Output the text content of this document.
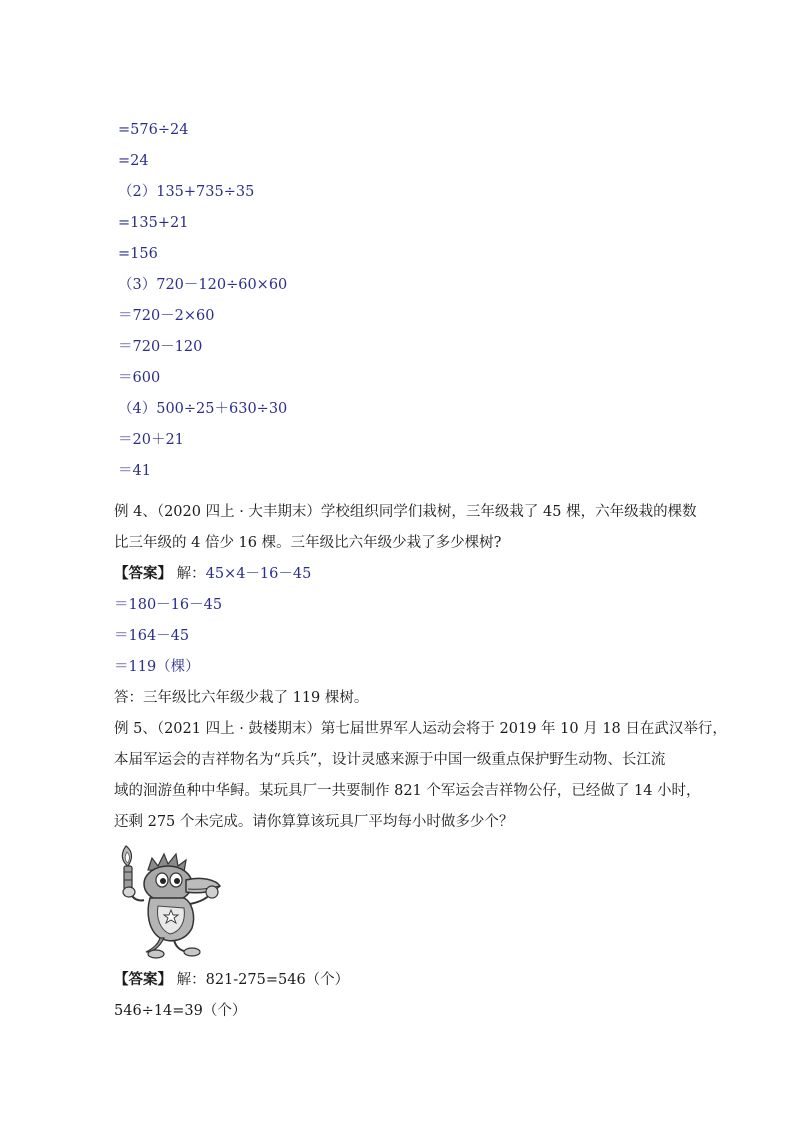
=576÷24
=24
（2）135+735÷35
=135+21
=156
（3）720－120÷60×60
＝720－2×60
＝720－120
＝600
（4）500÷25＋630÷30
＝20＋21
＝41
例 4、（2020 四上 · 大丰期末）学校组织同学们栽树，三年级栽了 45 棵，六年级栽的棵数
比三年级的 4 倍少 16 棵。三年级比六年级少栽了多少棵树?
【答案】 解：45×4－16－45
＝180－16－45
＝164－45
＝119（棵）
答：三年级比六年级少栽了 119 棵树。
例 5、（2021 四上 · 鼓楼期末）第七届世界军人运动会将于 2019 年 10 月 18 日在武汉举行，
本届军运会的吉祥物名为“兵兵”，设计灵感来源于中国一级重点保护野生动物、长江流
域的洄游鱼种中华鲟。某玩具厂一共要制作 821 个军运会吉祥物公仔，已经做了 14 小时，
还剩 275 个未完成。请你算算该玩具厂平均每小时做多少个？
【答案】 解：821-275=546（个）
546÷14=39（个）
